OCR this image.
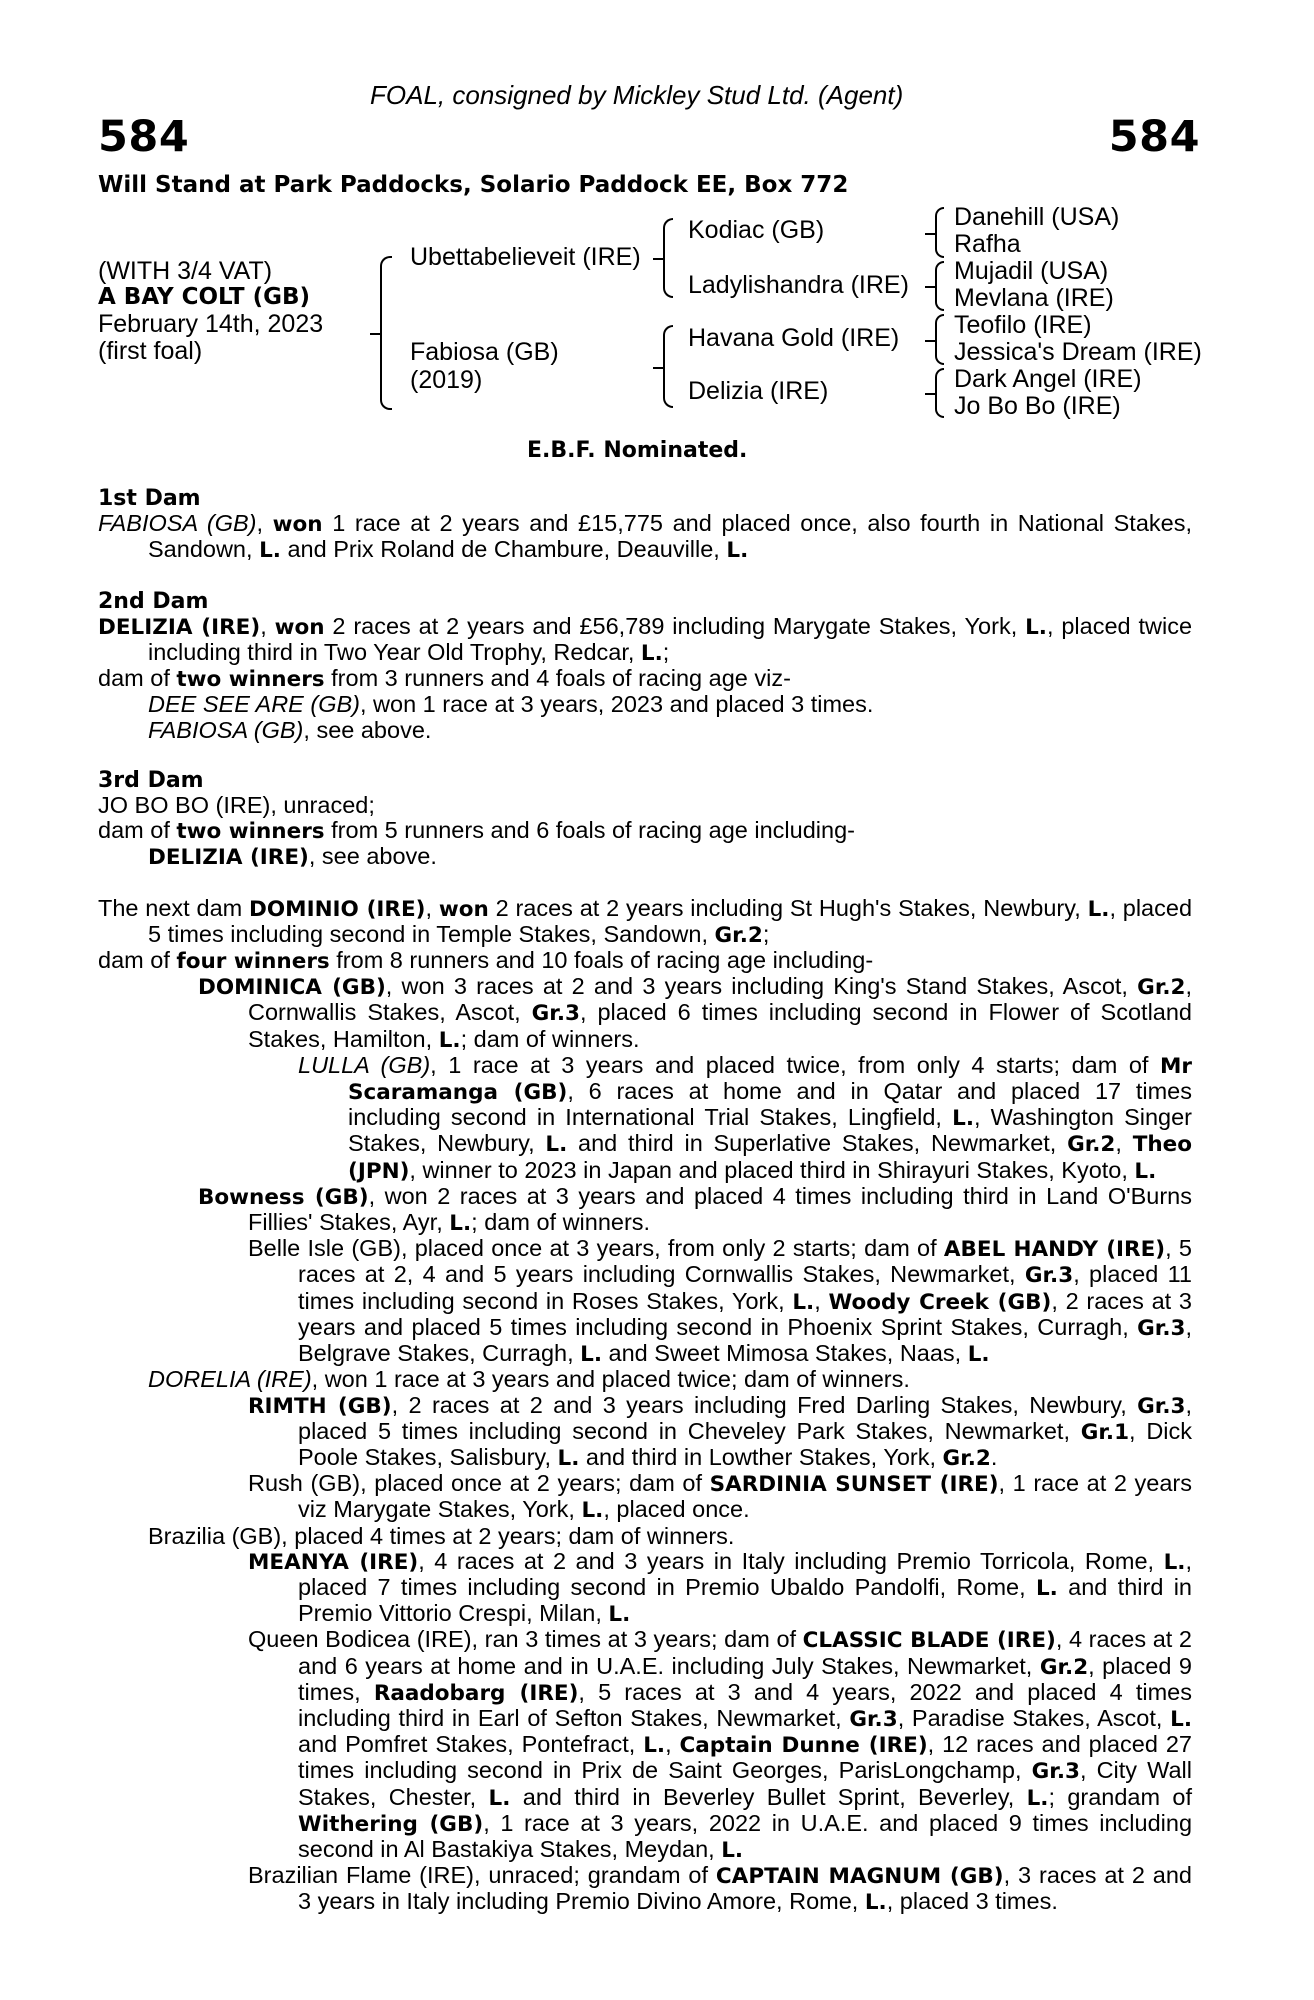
FOAL, consigned by Mickley Stud Ltd. (Agent)
584	584
Will Stand at Park Paddocks, Solario Paddock EE, Box 772
(WITH 3/4 VAT)
A BAY COLT (GB)
February 14th, 2023
(first foal)
Ubettabelieveit (IRE)
Fabiosa (GB)
(2019)
Kodiac (GB)
Ladylishandra (IRE)
Havana Gold (IRE)
Delizia (IRE)
Danehill (USA)
Rafha
Mujadil (USA)
Mevlana (IRE)
Teofilo (IRE)
Jessica's Dream (IRE)
Dark Angel (IRE)
Jo Bo Bo (IRE)
E.B.F. Nominated.

1st Dam

FABIOSA (GB), won 1 race at 2 years and £15,775 and placed once, also fourth in National Stakes, Sandown, L. and Prix Roland de Chambure, Deauville, L.

2nd Dam

DELIZIA (IRE), won 2 races at 2 years and £56,789 including Marygate Stakes, York, L., placed twice including third in Two Year Old Trophy, Redcar, L.;

dam of two winners from 3 runners and 4 foals of racing age viz-

DEE SEE ARE (GB), won 1 race at 3 years, 2023 and placed 3 times.

FABIOSA (GB), see above.

3rd Dam

JO BO BO (IRE), unraced;

dam of two winners from 5 runners and 6 foals of racing age including-

DELIZIA (IRE), see above.

The next dam DOMINIO (IRE), won 2 races at 2 years including St Hugh's Stakes, Newbury, L., placed 5 times including second in Temple Stakes, Sandown, Gr.2;

dam of four winners from 8 runners and 10 foals of racing age including-

DOMINICA (GB), won 3 races at 2 and 3 years including King's Stand Stakes, Ascot, Gr.2, Cornwallis Stakes, Ascot, Gr.3, placed 6 times including second in Flower of Scotland Stakes, Hamilton, L.; dam of winners.

LULLA (GB), 1 race at 3 years and placed twice, from only 4 starts; dam of Mr Scaramanga (GB), 6 races at home and in Qatar and placed 17 times including second in International Trial Stakes, Lingfield, L., Washington Singer Stakes, Newbury, L. and third in Superlative Stakes, Newmarket, Gr.2, Theo (JPN), winner to 2023 in Japan and placed third in Shirayuri Stakes, Kyoto, L.

Bowness (GB), won 2 races at 3 years and placed 4 times including third in Land O'Burns Fillies' Stakes, Ayr, L.; dam of winners.

Belle Isle (GB), placed once at 3 years, from only 2 starts; dam of ABEL HANDY (IRE), 5 races at 2, 4 and 5 years including Cornwallis Stakes, Newmarket, Gr.3, placed 11 times including second in Roses Stakes, York, L., Woody Creek (GB), 2 races at 3 years and placed 5 times including second in Phoenix Sprint Stakes, Curragh, Gr.3, Belgrave Stakes, Curragh, L. and Sweet Mimosa Stakes, Naas, L.

DORELIA (IRE), won 1 race at 3 years and placed twice; dam of winners.

RIMTH (GB), 2 races at 2 and 3 years including Fred Darling Stakes, Newbury, Gr.3, placed 5 times including second in Cheveley Park Stakes, Newmarket, Gr.1, Dick Poole Stakes, Salisbury, L. and third in Lowther Stakes, York, Gr.2.

Rush (GB), placed once at 2 years; dam of SARDINIA SUNSET (IRE), 1 race at 2 years viz Marygate Stakes, York, L., placed once.

Brazilia (GB), placed 4 times at 2 years; dam of winners.

MEANYA (IRE), 4 races at 2 and 3 years in Italy including Premio Torricola, Rome, L., placed 7 times including second in Premio Ubaldo Pandolfi, Rome, L. and third in Premio Vittorio Crespi, Milan, L.

Queen Bodicea (IRE), ran 3 times at 3 years; dam of CLASSIC BLADE (IRE), 4 races at 2 and 6 years at home and in U.A.E. including July Stakes, Newmarket, Gr.2, placed 9 times, Raadobarg (IRE), 5 races at 3 and 4 years, 2022 and placed 4 times including third in Earl of Sefton Stakes, Newmarket, Gr.3, Paradise Stakes, Ascot, L. and Pomfret Stakes, Pontefract, L., Captain Dunne (IRE), 12 races and placed 27 times including second in Prix de Saint Georges, ParisLongchamp, Gr.3, City Wall Stakes, Chester, L. and third in Beverley Bullet Sprint, Beverley, L.; grandam of Withering (GB), 1 race at 3 years, 2022 in U.A.E. and placed 9 times including second in Al Bastakiya Stakes, Meydan, L.

Brazilian Flame (IRE), unraced; grandam of CAPTAIN MAGNUM (GB), 3 races at 2 and 3 years in Italy including Premio Divino Amore, Rome, L., placed 3 times.
